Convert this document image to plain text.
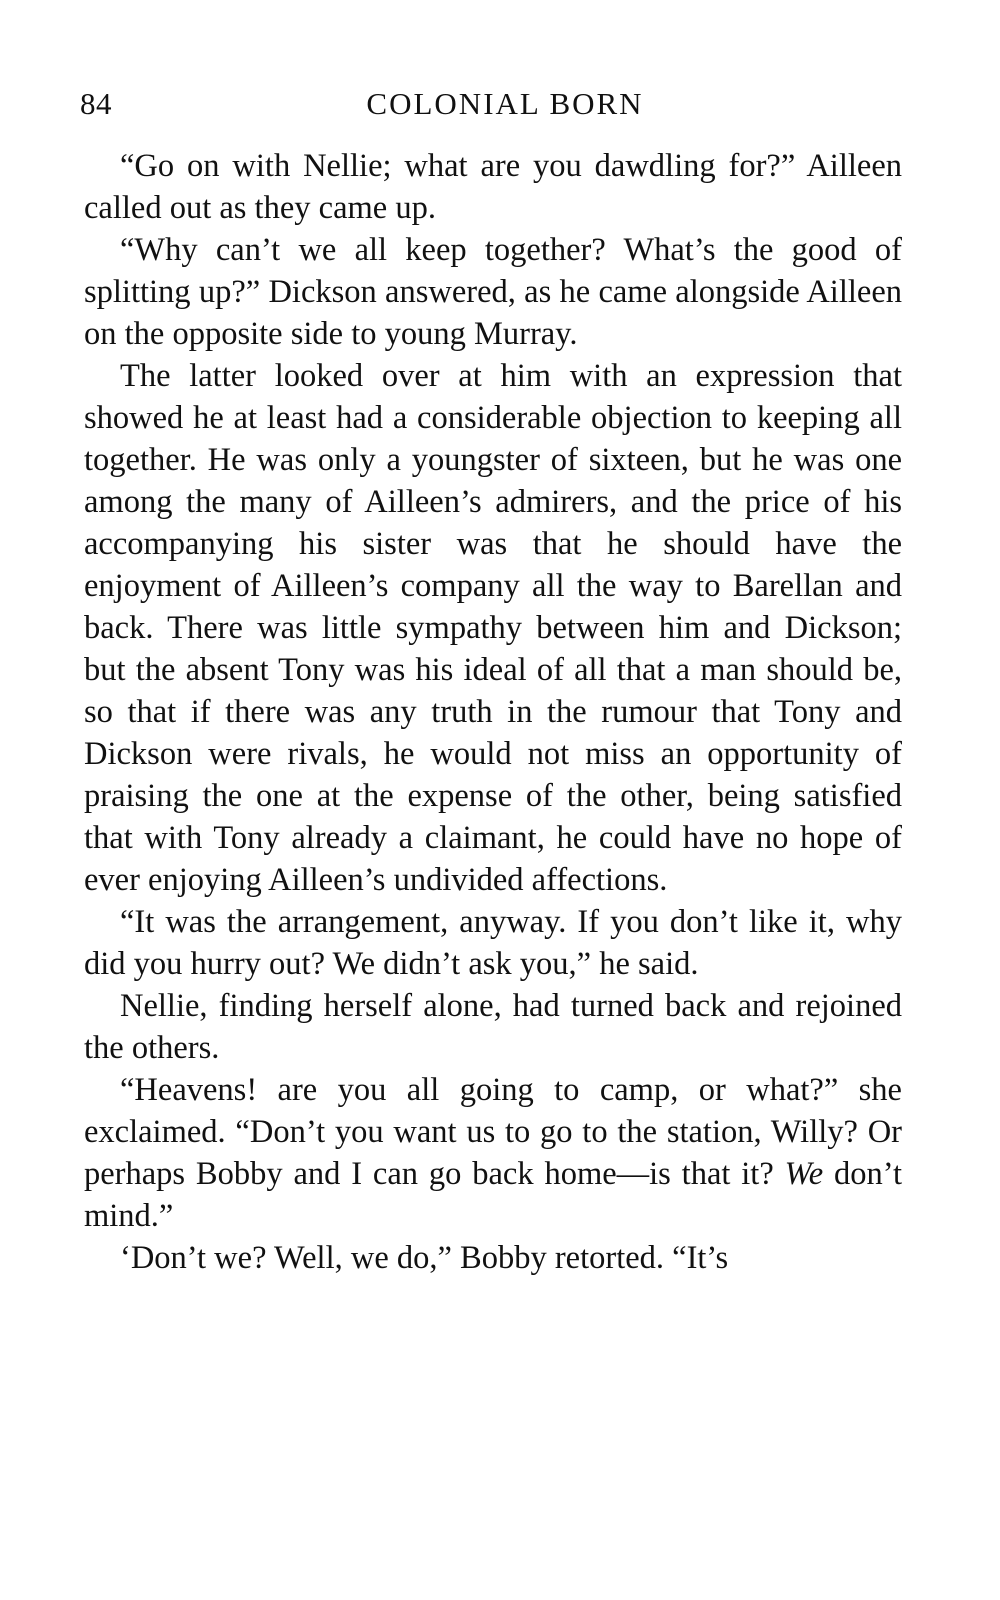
84	COLONIAL BORN

“Go on with Nellie; what are you dawdling for?” Ailleen called out as they came up.

“Why can’t we all keep together? What’s the good of splitting up?” Dickson answered, as he came alongside Ailleen on the opposite side to young Murray.

The latter looked over at him with an expression that showed he at least had a considerable objection to keeping all together. He was only a youngster of sixteen, but he was one among the many of Ailleen’s admirers, and the price of his accompanying his sister was that he should have the enjoyment of Ailleen’s company all the way to Barellan and back. There was little sympathy between him and Dickson; but the absent Tony was his ideal of all that a man should be, so that if there was any truth in the rumour that Tony and Dickson were rivals, he would not miss an opportunity of praising the one at the expense of the other, being satisfied that with Tony already a claimant, he could have no hope of ever enjoying Ailleen’s undivided affections.

“It was the arrangement, anyway. If you don’t like it, why did you hurry out? We didn’t ask you,” he said.

Nellie, finding herself alone, had turned back and rejoined the others.

“Heavens! are you all going to camp, or what?” she exclaimed. “Don’t you want us to go to the station, Willy? Or perhaps Bobby and I can go back home—is that it? We don’t mind.”

‘Don’t we? Well, we do,” Bobby retorted. “It’s
